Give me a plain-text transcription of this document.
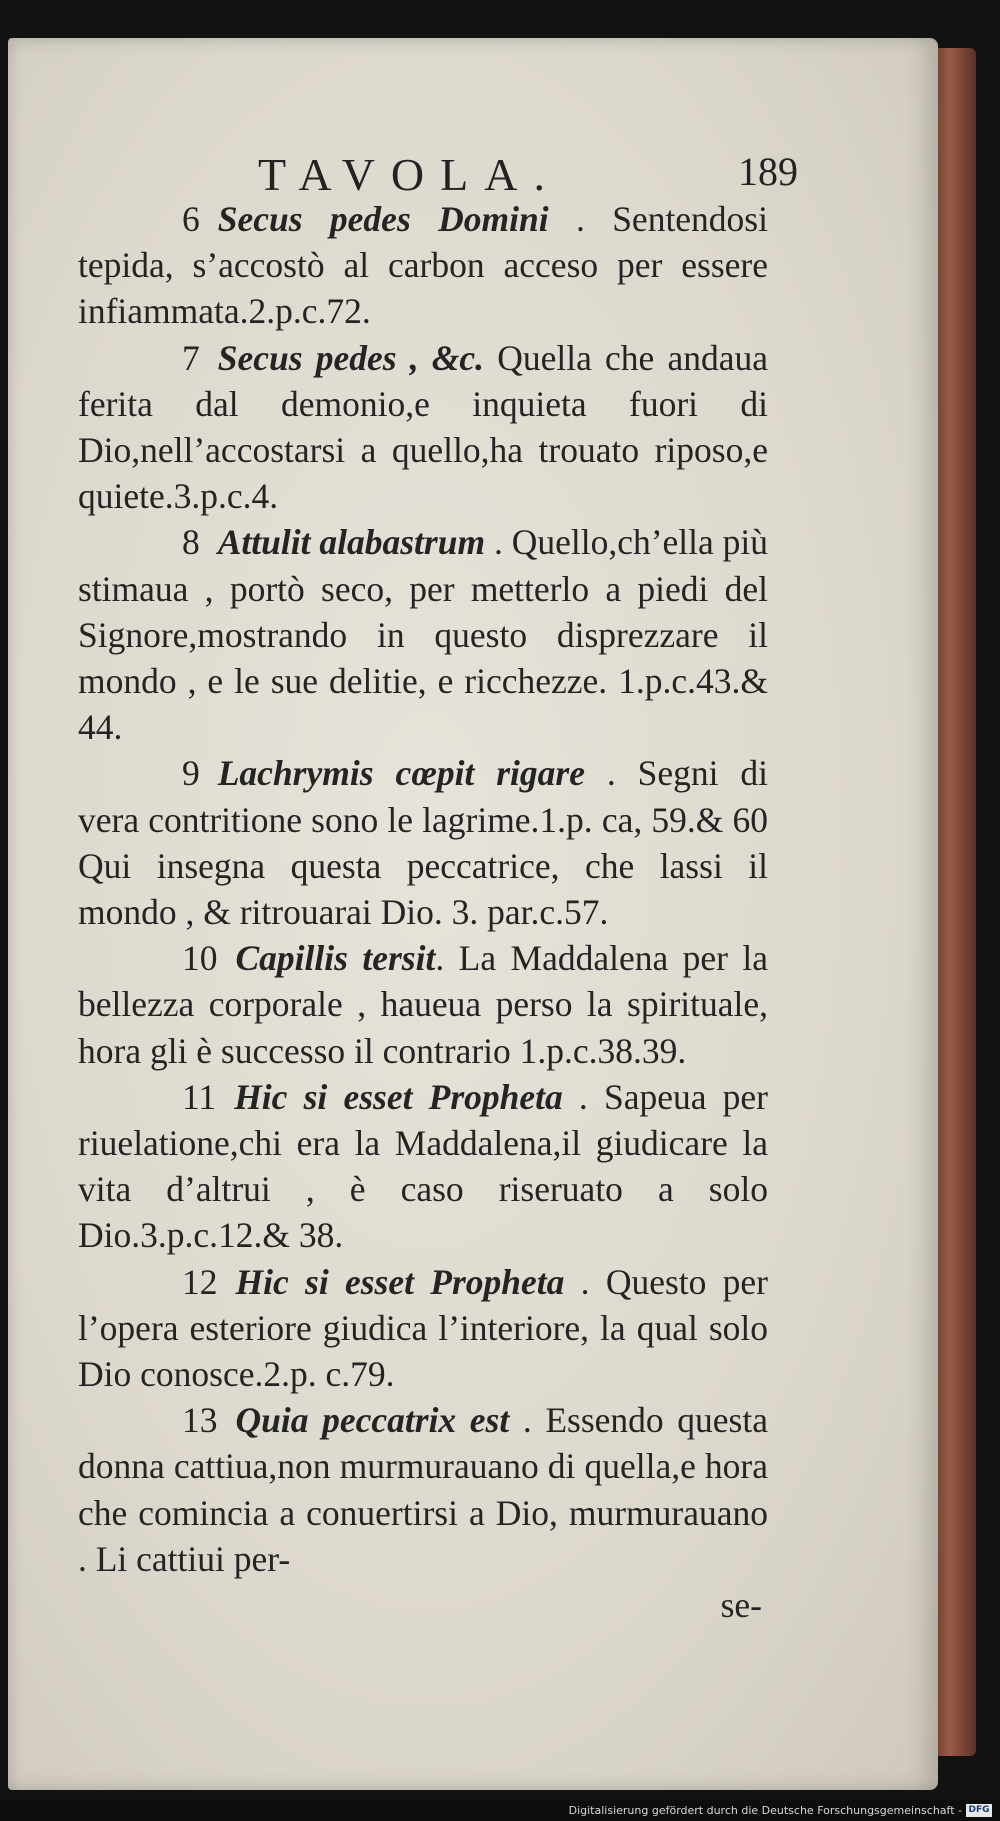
TAVOLA.	189

6 Secus pedes Domini . Sentendosi tepida, s’accostò al carbon acceso per essere infiammata.2.p.c.72.

7 Secus pedes , &c. Quella che andaua ferita dal demonio,e inquieta fuori di Dio,nell’accostarsi a quello,ha trouato riposo,e quiete.3.p.c.4.

8 Attulit alabastrum . Quello,ch’ella più stimaua , portò seco, per metterlo a piedi del Signore,mostrando in questo disprezzare il mondo , e le sue delitie, e ricchezze. 1.p.c.43.& 44.

9 Lachrymis cœpit rigare . Segni di vera contritione sono le lagrime.1.p. ca, 59.& 60 Qui insegna questa peccatrice, che lassi il mondo , & ritrouarai Dio. 3. par.c.57.

10 Capillis tersit. La Maddalena per la bellezza corporale , haueua perso la spirituale, hora gli è successo il contrario 1.p.c.38.39.

11 Hic si esset Propheta . Sapeua per riuelatione,chi era la Maddalena,il giudicare la vita d’altrui , è caso riseruato a solo Dio.3.p.c.12.& 38.

12 Hic si esset Propheta . Questo per l’opera esteriore giudica l’interiore, la qual solo Dio conosce.2.p. c.79.

13 Quia peccatrix est . Essendo questa donna cattiua,non murmurauano di quella,e hora che comincia a conuertirsi a Dio, murmurauano . Li cattiui per-

se-

Digitalisierung gefördert durch die Deutsche Forschungsgemeinschaft - DFG
